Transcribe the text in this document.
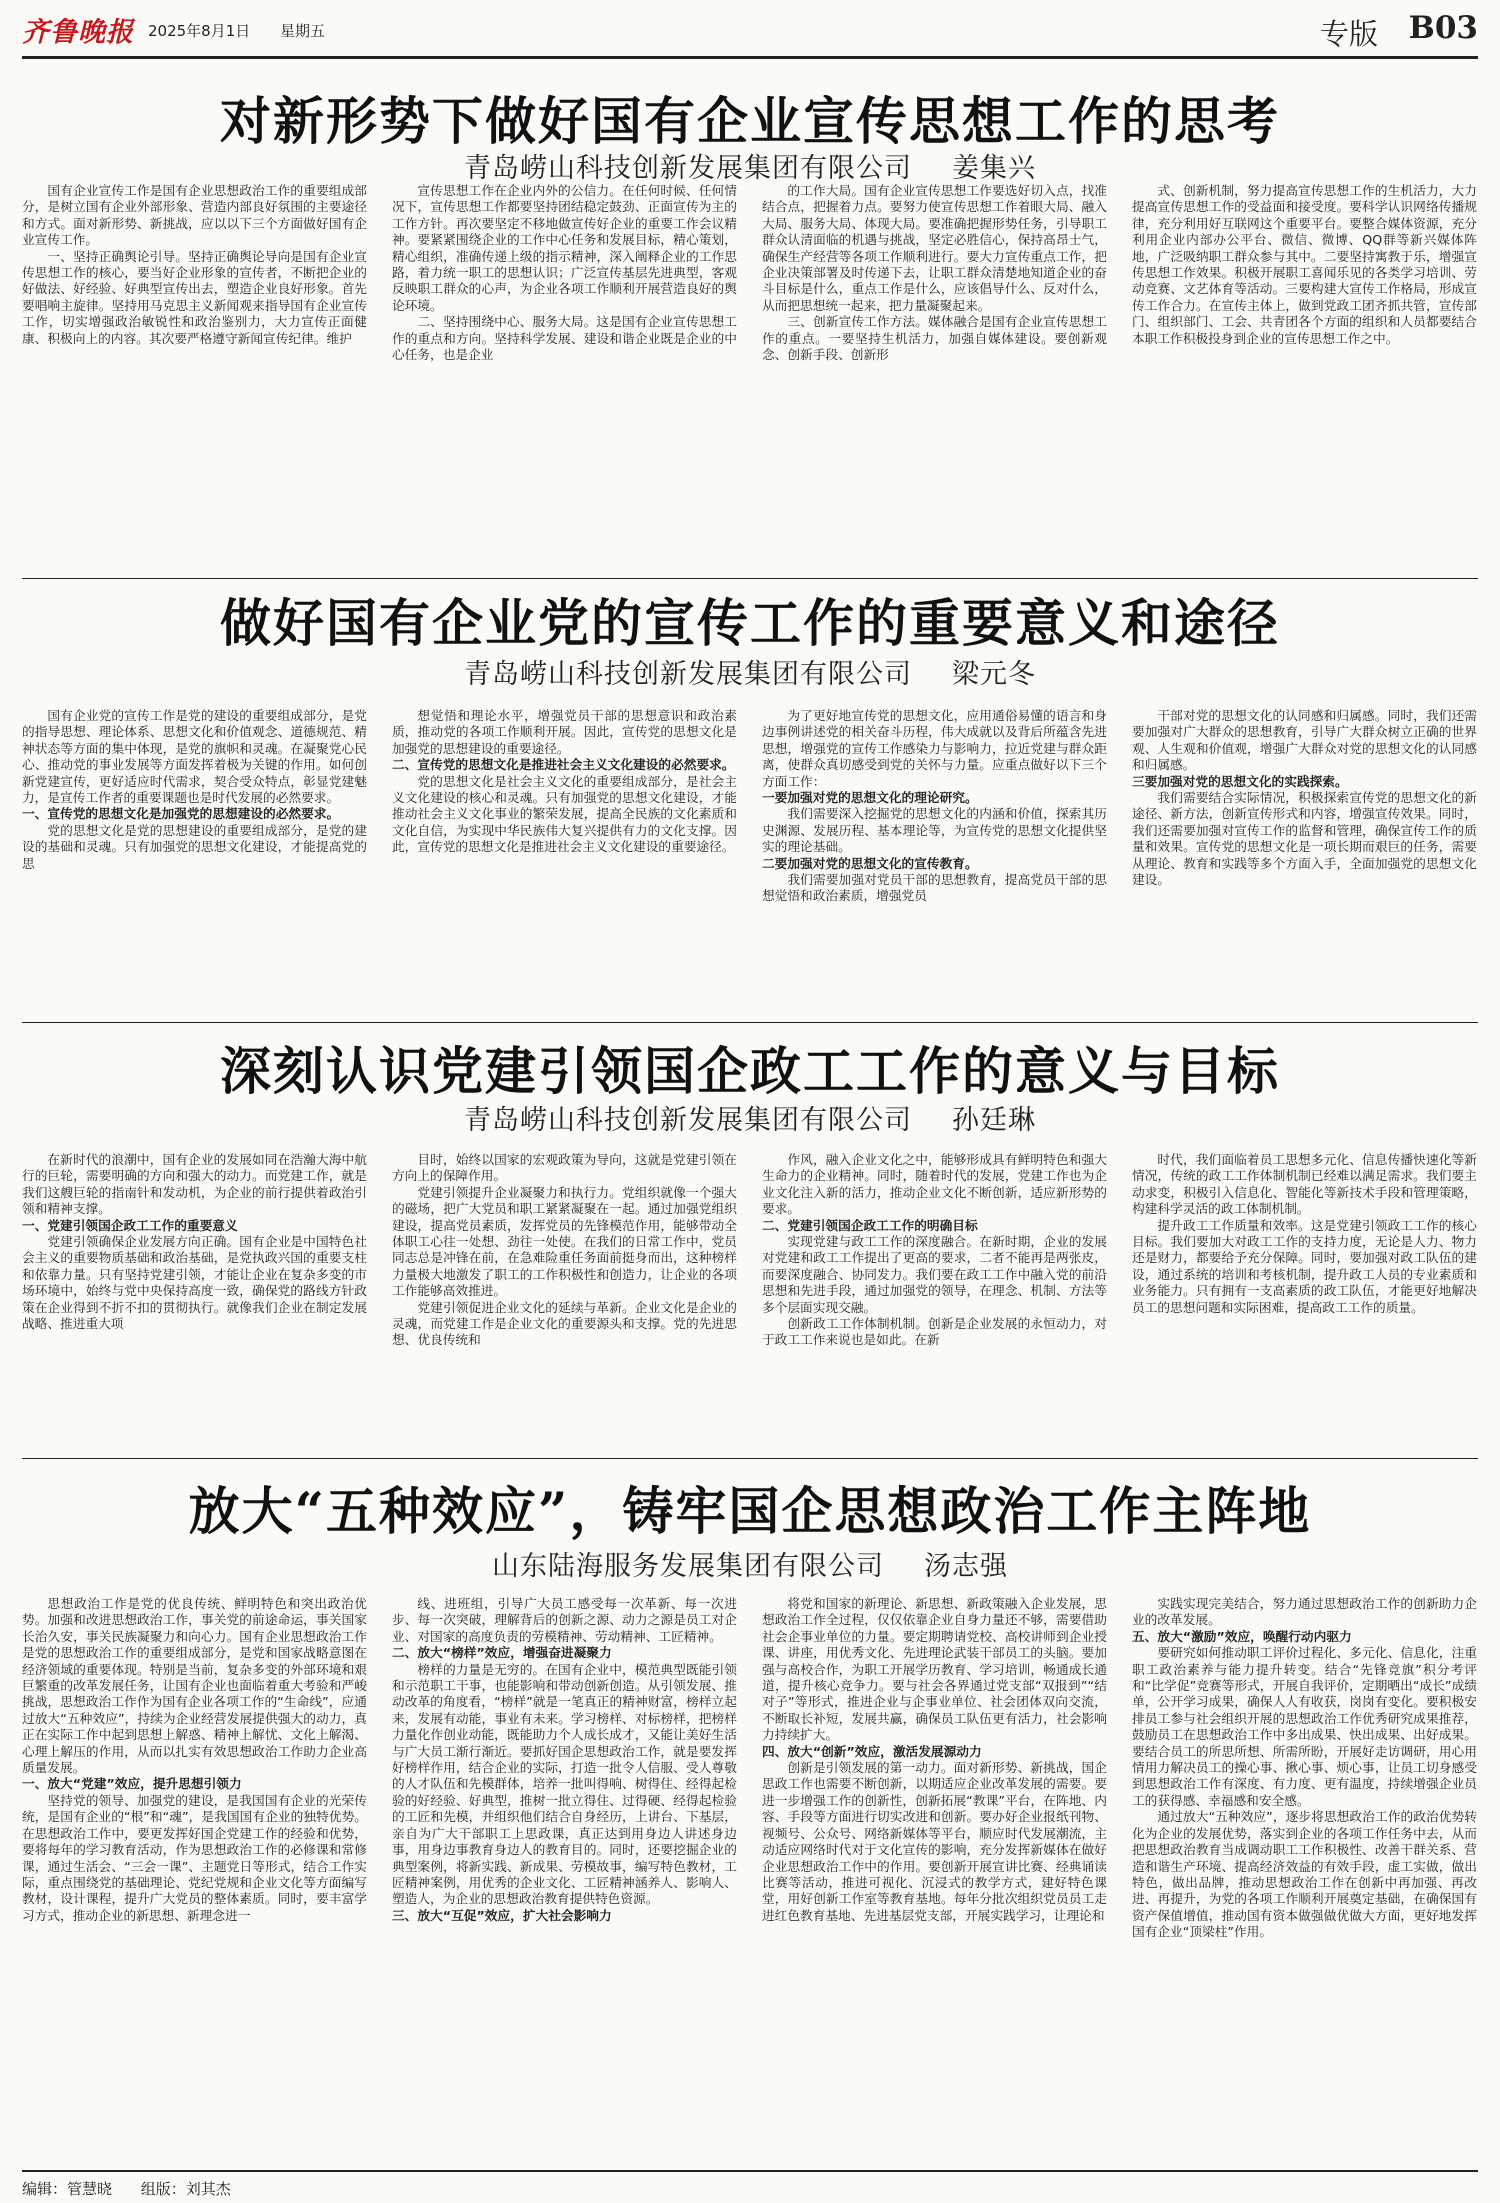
齐鲁晚报 2025年8月1日 星期五	专版 B03
对新形势下做好国有企业宣传思想工作的思考
青岛崂山科技创新发展集团有限公司 姜集兴

国有企业宣传工作是国有企业思想政治工作的重要组成部分，是树立国有企业外部形象、营造内部良好氛围的主要途径和方式。面对新形势、新挑战，应以以下三个方面做好国有企业宣传工作。

一、坚持正确舆论引导。坚持正确舆论导向是国有企业宣传思想工作的核心，要当好企业形象的宣传者，不断把企业的好做法、好经验、好典型宣传出去，塑造企业良好形象。首先要唱响主旋律。坚持用马克思主义新闻观来指导国有企业宣传工作，切实增强政治敏锐性和政治鉴别力，大力宣传正面健康、积极向上的内容。其次要严格遵守新闻宣传纪律。维护

宣传思想工作在企业内外的公信力。在任何时候、任何情况下，宣传思想工作都要坚持团结稳定鼓劲、正面宣传为主的工作方针。再次要坚定不移地做宣传好企业的重要工作会议精神。要紧紧围绕企业的工作中心任务和发展目标，精心策划，精心组织，准确传递上级的指示精神，深入阐释企业的工作思路，着力统一职工的思想认识；广泛宣传基层先进典型，客观反映职工群众的心声，为企业各项工作顺利开展营造良好的舆论环境。

二、坚持围绕中心、服务大局。这是国有企业宣传思想工作的重点和方向。坚持科学发展、建设和谐企业既是企业的中心任务，也是企业

的工作大局。国有企业宣传思想工作要选好切入点，找准结合点，把握着力点。要努力使宣传思想工作着眼大局、融入大局、服务大局、体现大局。要准确把握形势任务，引导职工群众认清面临的机遇与挑战，坚定必胜信心，保持高昂士气，确保生产经营等各项工作顺利进行。要大力宣传重点工作，把企业决策部署及时传递下去，让职工群众清楚地知道企业的奋斗目标是什么，重点工作是什么，应该倡导什么、反对什么，从而把思想统一起来，把力量凝聚起来。

三、创新宣传工作方法。媒体融合是国有企业宣传思想工作的重点。一要坚持生机活力，加强自媒体建设。要创新观念、创新手段、创新形

式、创新机制，努力提高宣传思想工作的生机活力，大力提高宣传思想工作的受益面和接受度。要科学认识网络传播规律，充分利用好互联网这个重要平台。要整合媒体资源，充分利用企业内部办公平台、微信、微博、QQ群等新兴媒体阵地，广泛吸纳职工群众参与其中。二要坚持寓教于乐，增强宣传思想工作效果。积极开展职工喜闻乐见的各类学习培训、劳动竞赛、文艺体育等活动。三要构建大宣传工作格局，形成宣传工作合力。在宣传主体上，做到党政工团齐抓共管，宣传部门、组织部门、工会、共青团各个方面的组织和人员都要结合本职工作积极投身到企业的宣传思想工作之中。

做好国有企业党的宣传工作的重要意义和途径
青岛崂山科技创新发展集团有限公司 梁元冬

国有企业党的宣传工作是党的建设的重要组成部分，是党的指导思想、理论体系、思想文化和价值观念、道德规范、精神状态等方面的集中体现，是党的旗帜和灵魂。在凝聚党心民心、推动党的事业发展等方面发挥着极为关键的作用。如何创新党建宣传，更好适应时代需求，契合受众特点，彰显党建魅力，是宣传工作者的重要课题也是时代发展的必然要求。

一、宣传党的思想文化是加强党的思想建设的必然要求。

党的思想文化是党的思想建设的重要组成部分，是党的建设的基础和灵魂。只有加强党的思想文化建设，才能提高党的思

想觉悟和理论水平，增强党员干部的思想意识和政治素质，推动党的各项工作顺利开展。因此，宣传党的思想文化是加强党的思想建设的重要途径。

二、宣传党的思想文化是推进社会主义文化建设的必然要求。

党的思想文化是社会主义文化的重要组成部分，是社会主义文化建设的核心和灵魂。只有加强党的思想文化建设，才能推动社会主义文化事业的繁荣发展，提高全民族的文化素质和文化自信，为实现中华民族伟大复兴提供有力的文化支撑。因此，宣传党的思想文化是推进社会主义文化建设的重要途径。

为了更好地宣传党的思想文化，应用通俗易懂的语言和身边事例讲述党的相关奋斗历程，伟大成就以及背后所蕴含先进思想，增强党的宣传工作感染力与影响力，拉近党建与群众距离，使群众真切感受到党的关怀与力量。应重点做好以下三个方面工作：

一要加强对党的思想文化的理论研究。

我们需要深入挖掘党的思想文化的内涵和价值，探索其历史渊源、发展历程、基本理论等，为宣传党的思想文化提供坚实的理论基础。

二要加强对党的思想文化的宣传教育。

我们需要加强对党员干部的思想教育，提高党员干部的思想觉悟和政治素质，增强党员

干部对党的思想文化的认同感和归属感。同时，我们还需要加强对广大群众的思想教育，引导广大群众树立正确的世界观、人生观和价值观，增强广大群众对党的思想文化的认同感和归属感。

三要加强对党的思想文化的实践探索。

我们需要结合实际情况，积极探索宣传党的思想文化的新途径、新方法，创新宣传形式和内容，增强宣传效果。同时，我们还需要加强对宣传工作的监督和管理，确保宣传工作的质量和效果。宣传党的思想文化是一项长期而艰巨的任务，需要从理论、教育和实践等多个方面入手，全面加强党的思想文化建设。

深刻认识党建引领国企政工工作的意义与目标
青岛崂山科技创新发展集团有限公司 孙廷琳

在新时代的浪潮中，国有企业的发展如同在浩瀚大海中航行的巨轮，需要明确的方向和强大的动力。而党建工作，就是我们这艘巨轮的指南针和发动机，为企业的前行提供着政治引领和精神支撑。

一、党建引领国企政工工作的重要意义

党建引领确保企业发展方向正确。国有企业是中国特色社会主义的重要物质基础和政治基础，是党执政兴国的重要支柱和依靠力量。只有坚持党建引领，才能让企业在复杂多变的市场环境中，始终与党中央保持高度一致，确保党的路线方针政策在企业得到不折不扣的贯彻执行。就像我们企业在制定发展战略、推进重大项

目时，始终以国家的宏观政策为导向，这就是党建引领在方向上的保障作用。

党建引领提升企业凝聚力和执行力。党组织就像一个强大的磁场，把广大党员和职工紧紧凝聚在一起。通过加强党组织建设，提高党员素质，发挥党员的先锋模范作用，能够带动全体职工心往一处想、劲往一处使。在我们的日常工作中，党员同志总是冲锋在前，在急难险重任务面前挺身而出，这种榜样力量极大地激发了职工的工作积极性和创造力，让企业的各项工作能够高效推进。

党建引领促进企业文化的延续与革新。企业文化是企业的灵魂，而党建工作是企业文化的重要源头和支撑。党的先进思想、优良传统和

作风，融入企业文化之中，能够形成具有鲜明特色和强大生命力的企业精神。同时，随着时代的发展，党建工作也为企业文化注入新的活力，推动企业文化不断创新，适应新形势的要求。

二、党建引领国企政工工作的明确目标

实现党建与政工工作的深度融合。在新时期，企业的发展对党建和政工工作提出了更高的要求，二者不能再是两张皮，而要深度融合、协同发力。我们要在政工工作中融入党的前沿思想和先进手段，通过加强党的领导，在理念、机制、方法等多个层面实现交融。

创新政工工作体制机制。创新是企业发展的永恒动力，对于政工工作来说也是如此。在新

时代，我们面临着员工思想多元化、信息传播快速化等新情况，传统的政工工作体制机制已经难以满足需求。我们要主动求变，积极引入信息化、智能化等新技术手段和管理策略，构建科学灵活的政工体制机制。

提升政工工作质量和效率。这是党建引领政工工作的核心目标。我们要加大对政工工作的支持力度，无论是人力、物力还是财力，都要给予充分保障。同时，要加强对政工队伍的建设，通过系统的培训和考核机制，提升政工人员的专业素质和业务能力。只有拥有一支高素质的政工队伍，才能更好地解决员工的思想问题和实际困难，提高政工工作的质量。

放大“五种效应”，铸牢国企思想政治工作主阵地
山东陆海服务发展集团有限公司 汤志强

思想政治工作是党的优良传统、鲜明特色和突出政治优势。加强和改进思想政治工作，事关党的前途命运，事关国家长治久安，事关民族凝聚力和向心力。国有企业思想政治工作是党的思想政治工作的重要组成部分，是党和国家战略意图在经济领域的重要体现。特别是当前，复杂多变的外部环境和艰巨繁重的改革发展任务，让国有企业也面临着重大考验和严峻挑战，思想政治工作作为国有企业各项工作的“生命线”，应通过放大“五种效应”，持续为企业经营发展提供强大的动力，真正在实际工作中起到思想上解惑、精神上解忧、文化上解渴、心理上解压的作用，从而以扎实有效思想政治工作助力企业高质量发展。

一、放大“党建”效应，提升思想引领力

坚持党的领导、加强党的建设，是我国国有企业的光荣传统，是国有企业的“根”和“魂”，是我国国有企业的独特优势。在思想政治工作中，要更发挥好国企党建工作的经验和优势，要将每年的学习教育活动，作为思想政治工作的必修课和常修课，通过生活会、“三会一课”、主题党日等形式，结合工作实际，重点围绕党的基础理论、党纪党规和企业文化等方面编写教材，设计课程，提升广大党员的整体素质。同时，要丰富学习方式，推动企业的新思想、新理念进一

线、进班组，引导广大员工感受每一次革新、每一次进步、每一次突破，理解背后的创新之源、动力之源是员工对企业、对国家的高度负责的劳模精神、劳动精神、工匠精神。

二、放大“榜样”效应，增强奋进凝聚力

榜样的力量是无穷的。在国有企业中，模范典型既能引领和示范职工干事，也能影响和带动创新创造。从引领发展、推动改革的角度看，“榜样”就是一笔真正的精神财富，榜样立起来，发展有动能，事业有未来。学习榜样、对标榜样，把榜样力量化作创业动能，既能助力个人成长成才，又能让美好生活与广大员工渐行渐近。要抓好国企思想政治工作，就是要发挥好榜样作用，结合企业的实际，打造一批令人信服、受人尊敬的人才队伍和先模群体，培养一批叫得响、树得住、经得起检验的好经验、好典型，推树一批立得住、过得硬、经得起检验的工匠和先模，并组织他们结合自身经历，上讲台、下基层，亲自为广大干部职工上思政课，真正达到用身边人讲述身边事，用身边事教育身边人的教育目的。同时，还要挖掘企业的典型案例，将新实践、新成果、劳模故事，编写特色教材，工匠精神案例，用优秀的企业文化、工匠精神涵养人、影响人、塑造人，为企业的思想政治教育提供特色资源。

三、放大“互促”效应，扩大社会影响力

将党和国家的新理论、新思想、新政策融入企业发展，思想政治工作全过程，仅仅依靠企业自身力量还不够，需要借助社会企事业单位的力量。要定期聘请党校、高校讲师到企业授课、讲座，用优秀文化、先进理论武装干部员工的头脑。要加强与高校合作，为职工开展学历教育、学习培训，畅通成长通道，提升核心竞争力。要与社会各界通过党支部“双报到”“结对子”等形式，推进企业与企事业单位、社会团体双向交流，不断取长补短，发展共赢，确保员工队伍更有活力，社会影响力持续扩大。

四、放大“创新”效应，激活发展源动力

创新是引领发展的第一动力。面对新形势、新挑战，国企思政工作也需要不断创新，以期适应企业改革发展的需要。要进一步增强工作的创新性，创新拓展“教课”平台，在阵地、内容、手段等方面进行切实改进和创新。要办好企业报纸刊物、视频号、公众号、网络新媒体等平台，顺应时代发展潮流，主动适应网络时代对于文化宣传的影响，充分发挥新媒体在做好企业思想政治工作中的作用。要创新开展宣讲比赛、经典诵读比赛等活动，推进可视化、沉浸式的教学方式，建好特色课堂，用好创新工作室等教育基地。每年分批次组织党员员工走进红色教育基地、先进基层党支部，开展实践学习，让理论和

实践实现完美结合，努力通过思想政治工作的创新助力企业的改革发展。

五、放大“激励”效应，唤醒行动内驱力

要研究如何推动职工评价过程化、多元化、信息化，注重职工政治素养与能力提升转变。结合“先锋竞旗”积分考评和“比学促”竞赛等形式，开展自我评价，定期晒出“成长”成绩单，公开学习成果，确保人人有收获，岗岗有变化。要积极安排员工参与社会组织开展的思想政治工作优秀研究成果推荐，鼓励员工在思想政治工作中多出成果、快出成果、出好成果。要结合员工的所思所想、所需所盼，开展好走访调研，用心用情用力解决员工的操心事、揪心事、烦心事，让员工切身感受到思想政治工作有深度、有力度、更有温度，持续增强企业员工的获得感、幸福感和安全感。

通过放大“五种效应”，逐步将思想政治工作的政治优势转化为企业的发展优势，落实到企业的各项工作任务中去，从而把思想政治教育当成调动职工工作积极性、改善干群关系、营造和谐生产环境、提高经济效益的有效手段，虚工实做，做出特色，做出品牌，推动思想政治工作在创新中再加强、再改进、再提升，为党的各项工作顺利开展奠定基础，在确保国有资产保值增值，推动国有资本做强做优做大方面，更好地发挥国有企业“顶梁柱”作用。

编辑：管慧晓 组版：刘其杰
